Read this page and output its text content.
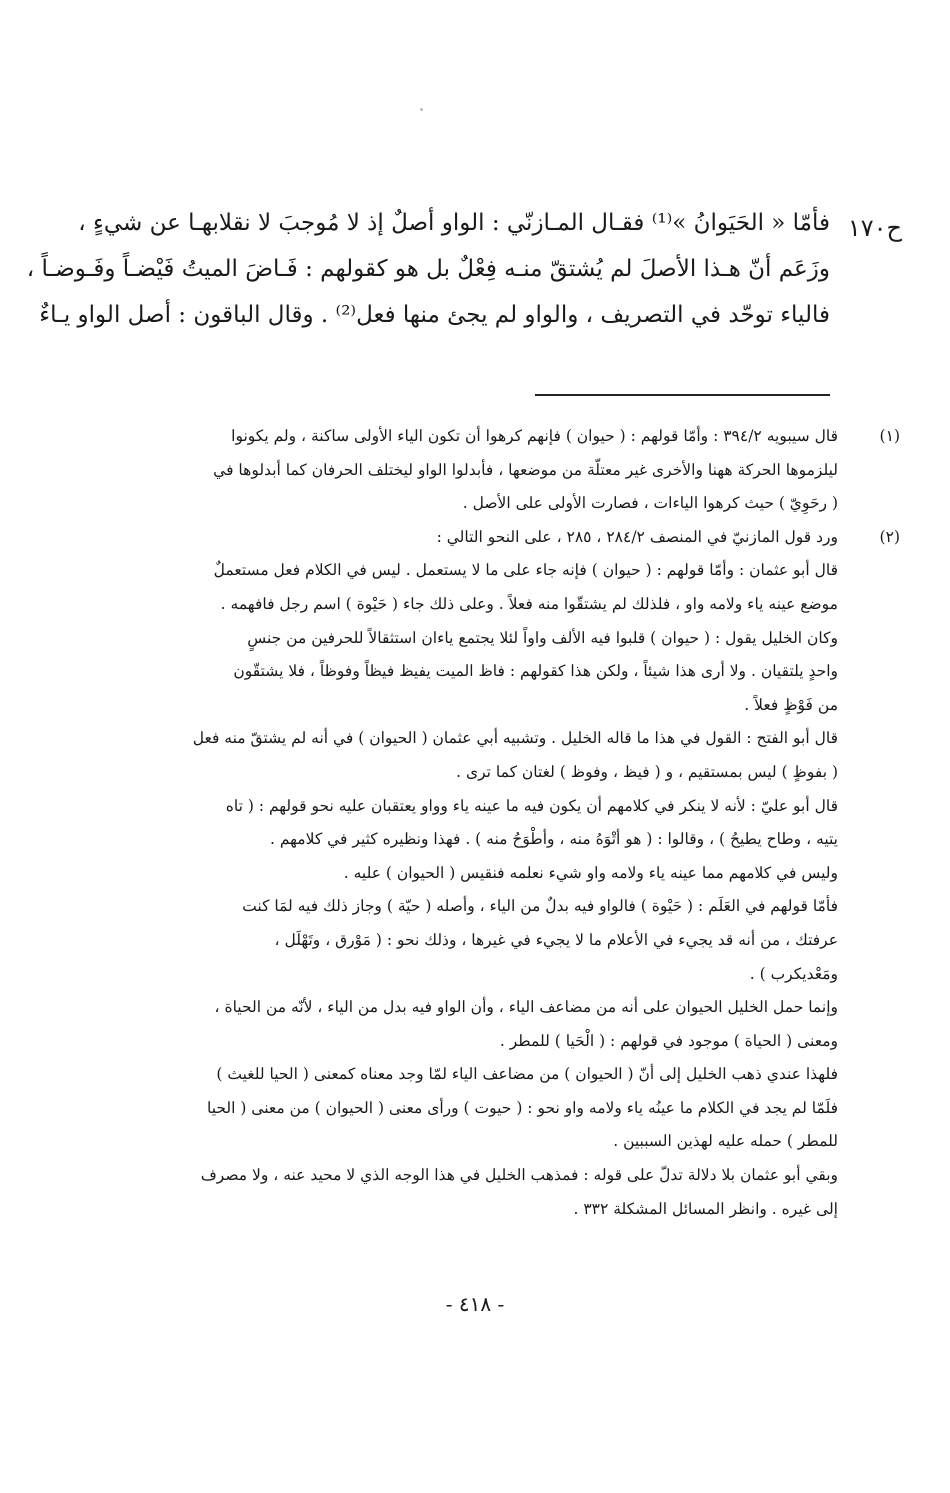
ح١٧٠

فأمّا « الحَيَوانُ »⁽¹⁾ فقـال المـازنّي : الواو أصلٌ إذ لا مُوجبَ لا نقلابهـا عن شيءٍ ،

وزَعَم أنّ هـذا الأصلَ لم يُشتقّ منـه فِعْلٌ بل هو كقولهم : فَـاضَ الميتُ فَيْضـاً وفَـوضـاً ،

فالياء توحّد في التصريف ، والواو لم يجئ منها فعل⁽²⁾ . وقال الباقون : أصل الواو يـاءٌ

(١)

قال سيبويه ٣٩٤/٢ : وأمّا قولهم : ( حيوان ) فإنهم كرهوا أن تكون الياء الأولى ساكنة ، ولم يكونوا

ليلزموها الحركة ههنا والأخرى غير معتلّة من موضعها ، فأبدلوا الواو ليختلف الحرفان كما أبدلوها في

( رحَوِيّ ) حيث كرهوا الياءات ، فصارت الأولى على الأصل .

(٢)

ورد قول المازنيّ في المنصف ٢٨٤/٢ ، ٢٨٥ ، على النحو التالي :

قال أبو عثمان : وأمّا قولهم : ( حيوان ) فإنه جاء على ما لا يستعمل . ليس في الكلام فعل مستعملٌ

موضع عينه ياء ولامه واو ، فلذلك لم يشتقّوا منه فعلاً . وعلى ذلك جاء ( حَيْوة ) اسم رجل فافهمه .

وكان الخليل يقول : ( حيوان ) قلبوا فيه الألف واواً لئلا يجتمع ياءان استثقالاً للحرفين من جنسٍ

واحدٍ يلتقيان . ولا أرى هذا شيئاً ، ولكن هذا كقولهم : فاظ الميت يفيظ فيظاً وفوظاً ، فلا يشتقّون

من فَوْظٍ فعلاً .

قال أبو الفتح : القول في هذا ما قاله الخليل . وتشبيه أبي عثمان ( الحيوان ) في أنه لم يشتقّ منه فعل

( بفوظٍ ) ليس بمستقيم ، و ( فيظ ، وفوظ ) لغتان كما ترى .

قال أبو عليّ : لأنه لا ينكر في كلامهم أن يكون فيه ما عينه ياء وواو يعتقبان عليه نحو قولهم : ( تاه

يتيه ، وطاح يطيحُ ) ، وقالوا : ( هو أتْوَهُ منه ، وأطْوَحُ منه ) . فهذا ونظيره كثير في كلامهم .

وليس في كلامهم مما عينه ياء ولامه واو شيء نعلمه فنقيس ( الحيوان ) عليه .

فأمّا قولهم في العَلَم : ( حَيْوة ) فالواو فيه بدلٌ من الياء ، وأصله ( حيّة ) وجاز ذلك فيه لمَا كنت

عرفتك ، من أنه قد يجيء في الأعلام ما لا يجيء في غيرها ، وذلك نحو : ( مَوْرق ، وتَهْلَل ،

ومَعْديكرب ) .

وإنما حمل الخليل الحيوان على أنه من مضاعف الياء ، وأن الواو فيه بدل من الياء ، لأنّه من الحياة ،

ومعنى ( الحياة ) موجود في قولهم : ( الْحَيا ) للمطر .

فلهذا عندي ذهب الخليل إلى أنّ ( الحيوان ) من مضاعف الياء لمّا وجد معناه كمعنى ( الحيا للغيث )

فلَمّا لم يجد في الكلام ما عينُه ياء ولامه واو نحو : ( حيوت ) ورأى معنى ( الحيوان ) من معنى ( الحيا

للمطر ) حمله عليه لهذين السببين .

وبقي أبو عثمان بلا دلالة تدلّ على قوله : فمذهب الخليل في هذا الوجه الذي لا محيد عنه ، ولا مصرف

إلى غيره . وانظر المسائل المشكلة ٣٣٢ .

- ٤١٨ -
